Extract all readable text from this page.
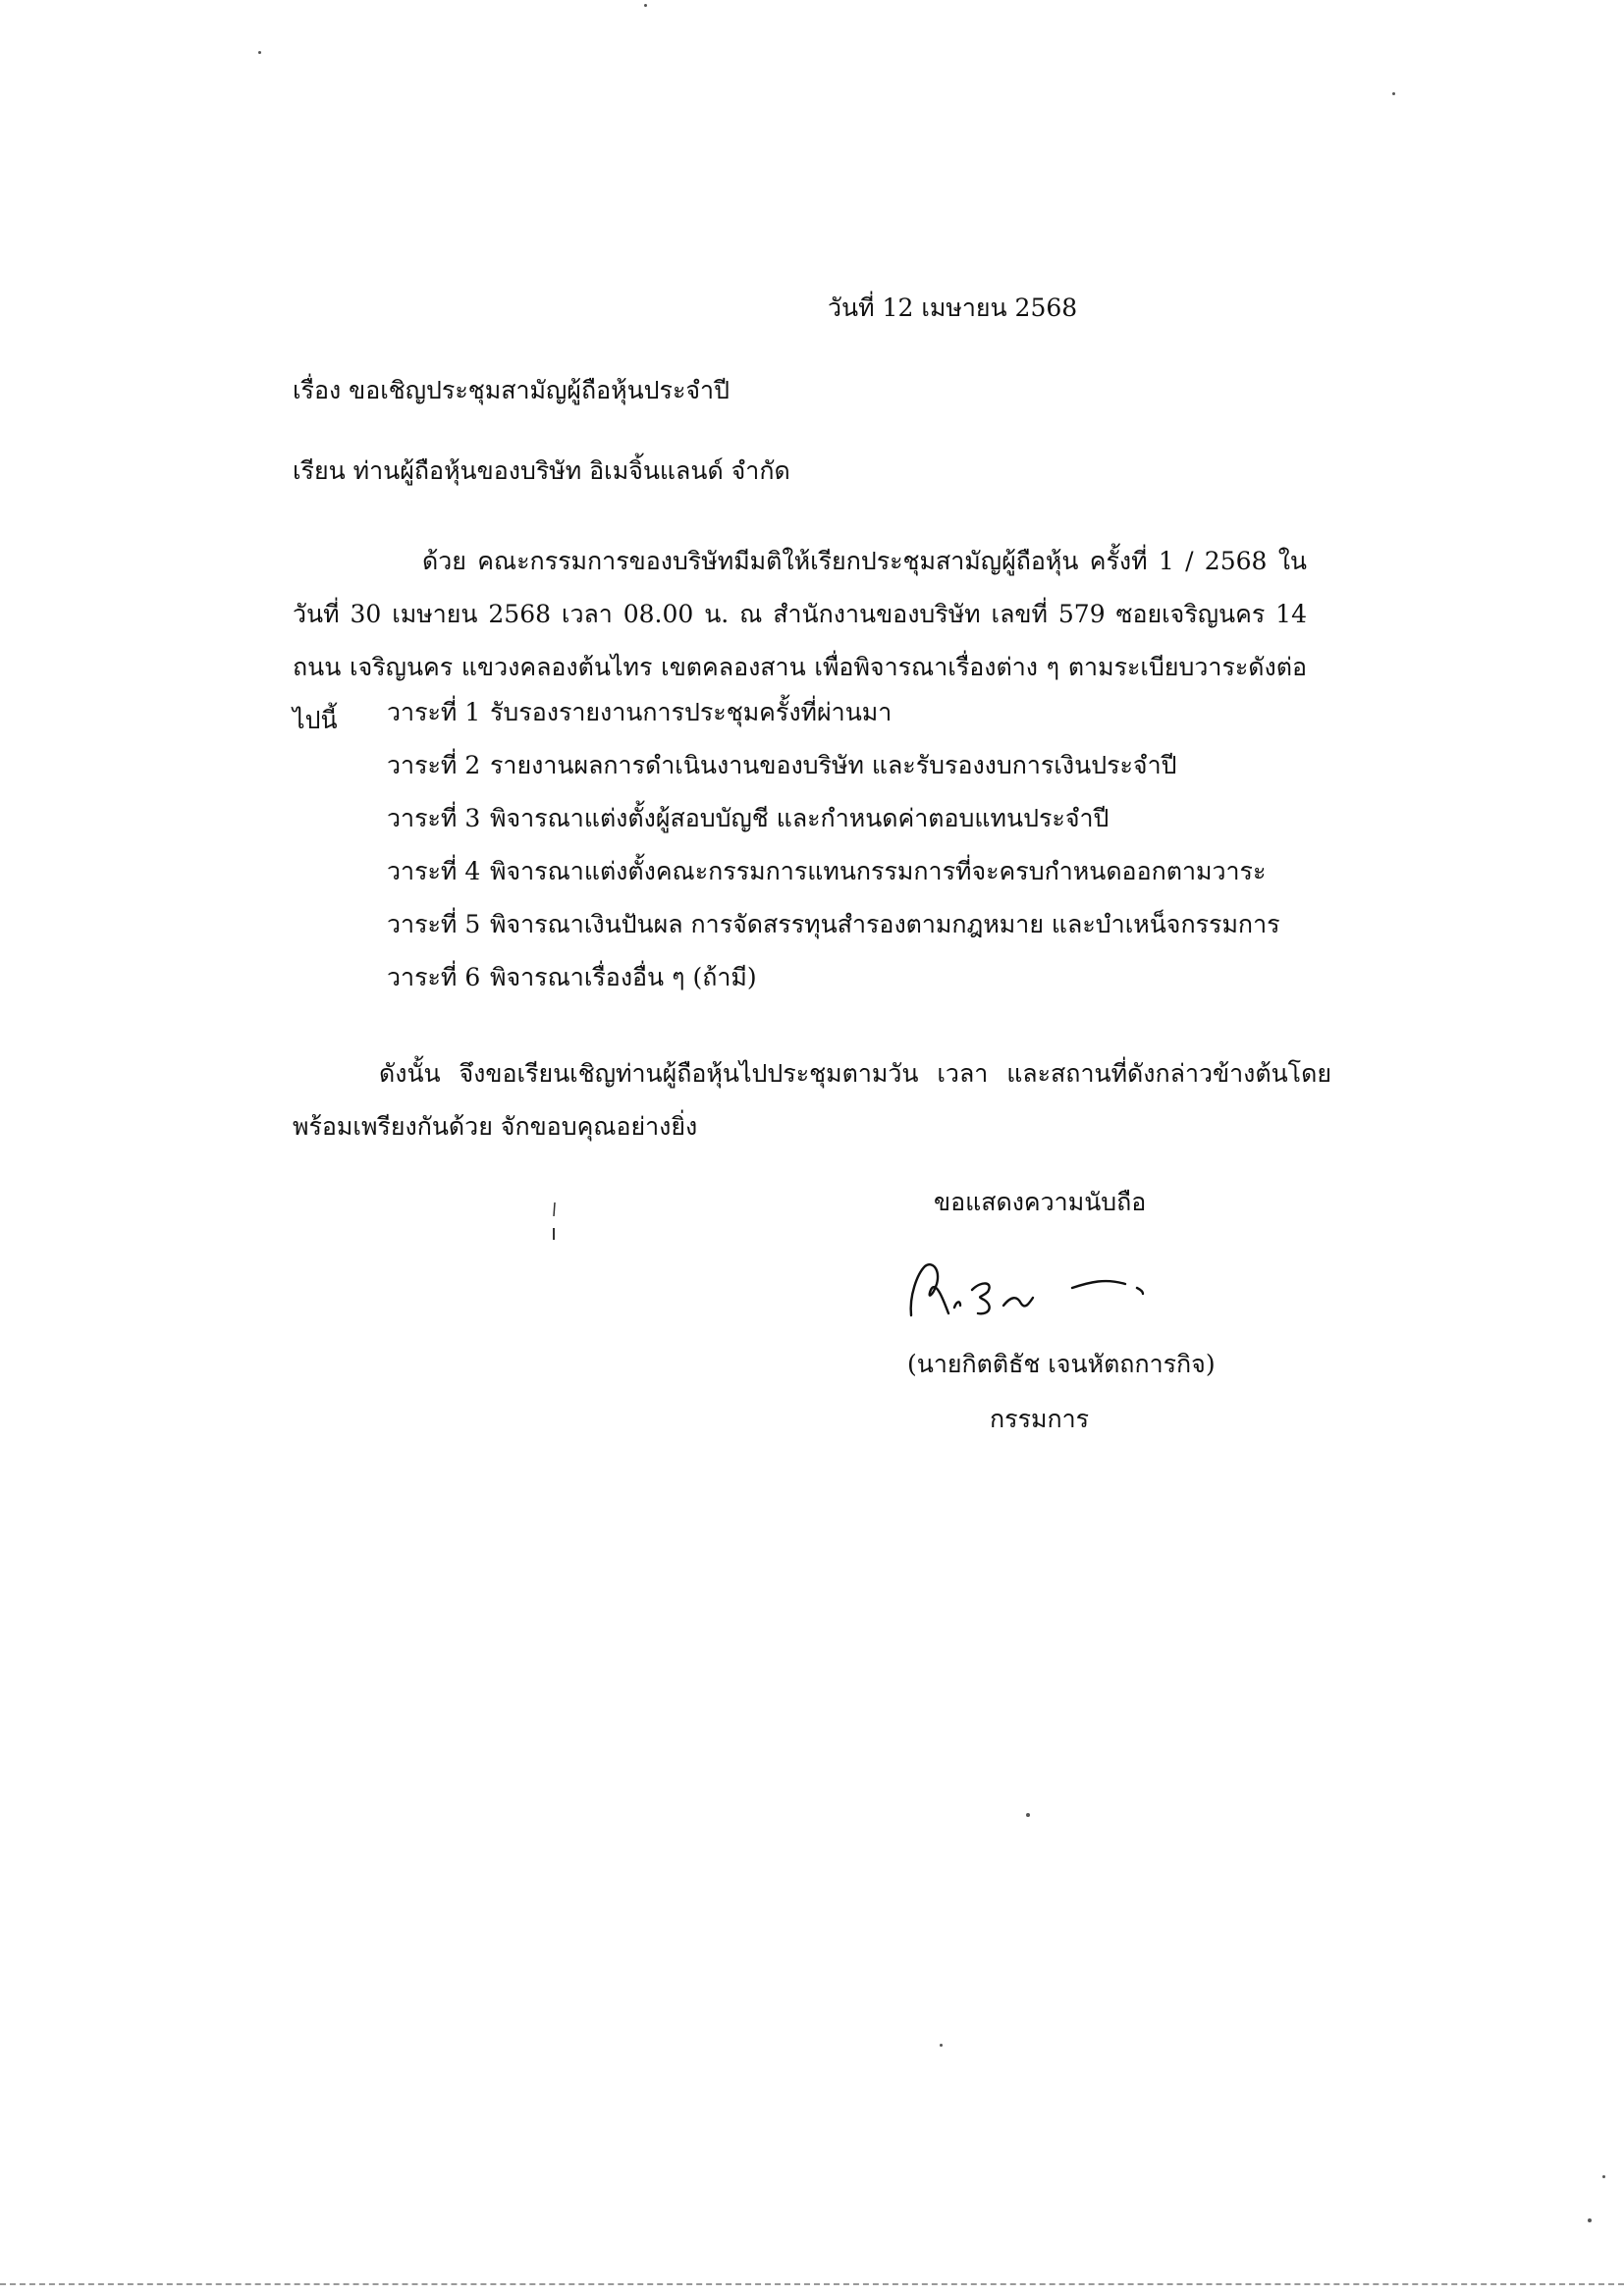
วันที่ 12 เมษายน 2568
เรื่อง ขอเชิญประชุมสามัญผู้ถือหุ้นประจำปี
เรียน ท่านผู้ถือหุ้นของบริษัท อิเมจิ้นแลนด์ จำกัด
ด้วย คณะกรรมการของบริษัทมีมติให้เรียกประชุมสามัญผู้ถือหุ้น ครั้งที่ 1 / 2568 ใน วันที่ 30 เมษายน 2568 เวลา 08.00 น. ณ สำนักงานของบริษัท เลขที่ 579 ซอยเจริญนคร 14 ถนน เจริญนคร แขวงคลองต้นไทร เขตคลองสาน เพื่อพิจารณาเรื่องต่าง ๆ ตามระเบียบวาระดังต่อไปนี้	วาระที่ 1 รับรองรายงานการประชุมครั้งที่ผ่านมา
วาระที่ 2 รายงานผลการดำเนินงานของบริษัท และรับรองงบการเงินประจำปี
วาระที่ 3 พิจารณาแต่งตั้งผู้สอบบัญชี และกำหนดค่าตอบแทนประจำปี
วาระที่ 4 พิจารณาแต่งตั้งคณะกรรมการแทนกรรมการที่จะครบกำหนดออกตามวาระ
วาระที่ 5 พิจารณาเงินปันผล การจัดสรรทุนสำรองตามกฎหมาย และบำเหน็จกรรมการ
วาระที่ 6 พิจารณาเรื่องอื่น ๆ (ถ้ามี)
ดังนั้น จึงขอเรียนเชิญท่านผู้ถือหุ้นไปประชุมตามวัน เวลา และสถานที่ดังกล่าวข้างต้นโดย พร้อมเพรียงกันด้วย จักขอบคุณอย่างยิ่ง
ขอแสดงความนับถือ
(นายกิตติธัช เจนหัตถการกิจ)
กรรมการ
